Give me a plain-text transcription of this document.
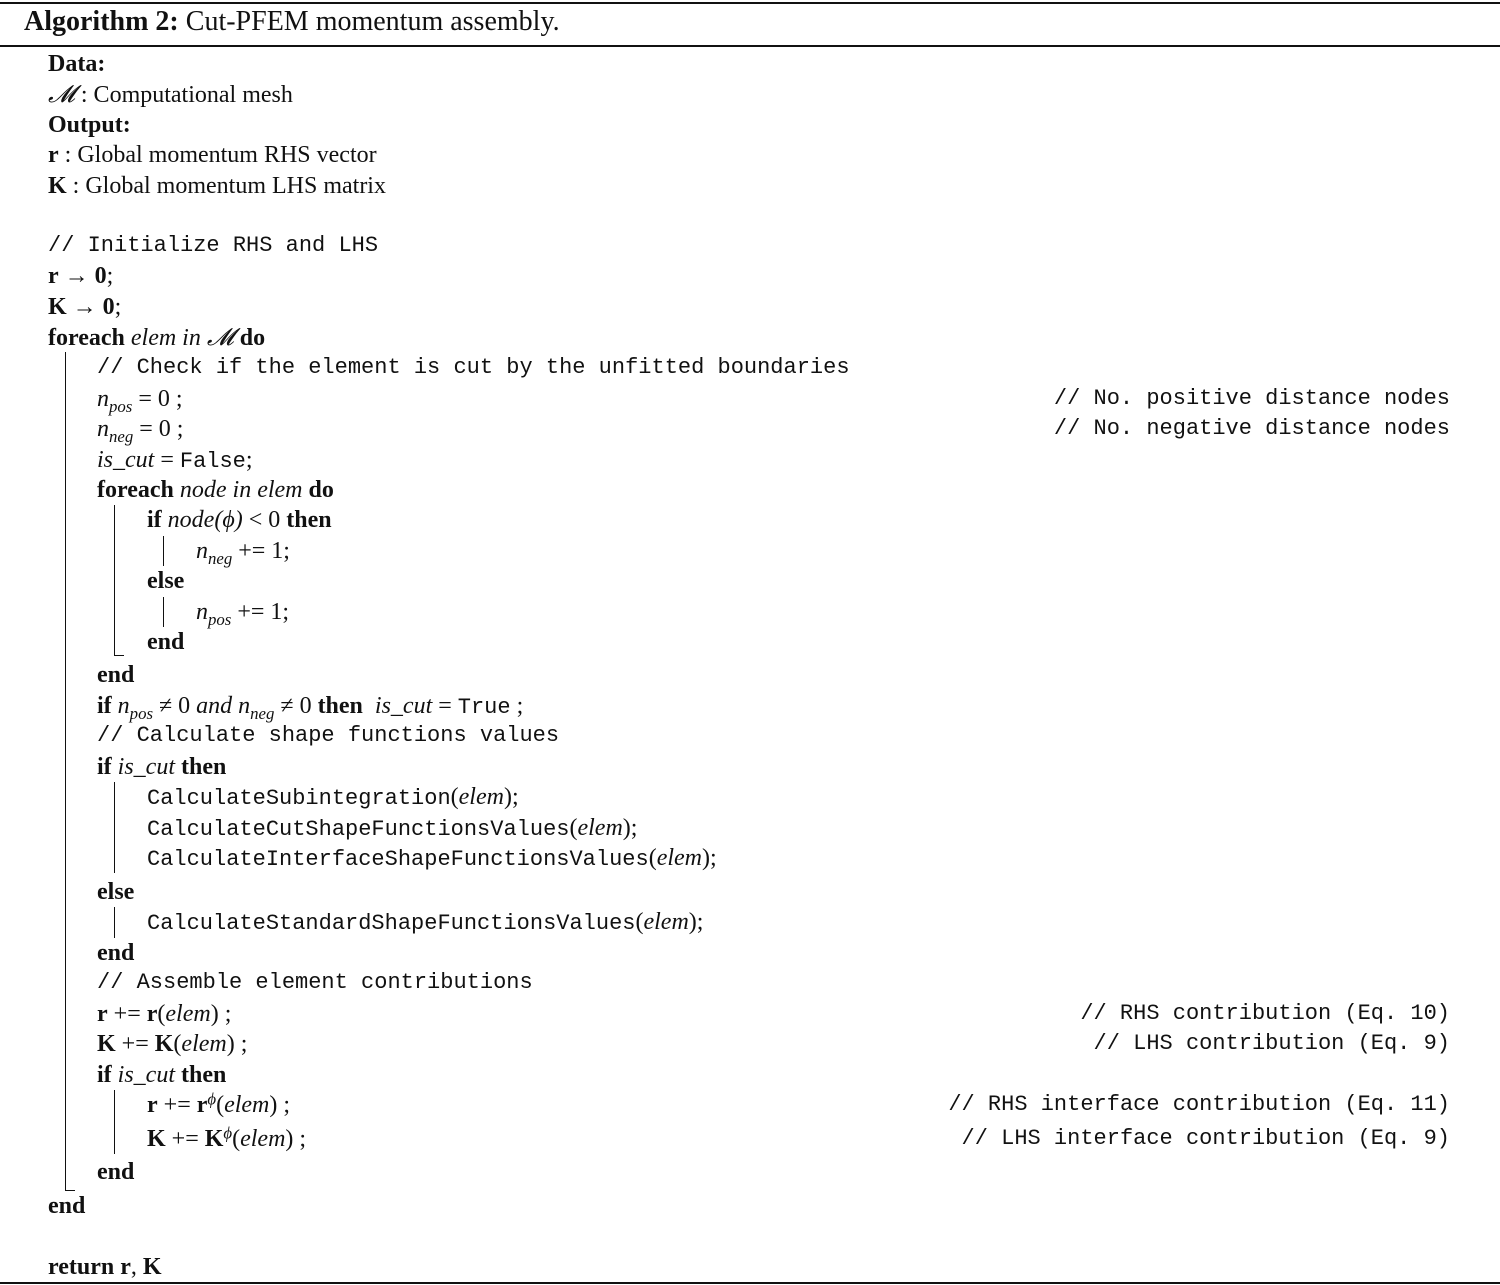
Algorithm 2: Cut-PFEM momentum assembly.
Data:
𝓜 : Computational mesh
Output:
r : Global momentum RHS vector
K : Global momentum LHS matrix
// Initialize RHS and LHS
r → 0;
K → 0;
foreach elem in 𝓜 do
// Check if the element is cut by the unfitted boundaries
$n_{pos} = 0$ ;	// No. positive distance nodes
$n_{neg} = 0$ ;	// No. negative distance nodes
is_cut = False;
foreach node in elem do
if node(ϕ) < 0 then
$n_{neg} += 1$;
else
$n_{pos} += 1$;
end
end
if $n_{pos} \ne 0$ and $n_{neg} \ne 0$ then is_cut = True ;
// Calculate shape functions values
if is_cut then
CalculateSubintegration(elem);
CalculateCutShapeFunctionsValues(elem);
CalculateInterfaceShapeFunctionsValues(elem);
else
CalculateStandardShapeFunctionsValues(elem);
end
// Assemble element contributions
r += r(elem) ;	// RHS contribution (Eq. 10)
K += K(elem) ;	// LHS contribution (Eq. 9)
if is_cut then
$r += r^\phi(elem)$ ;	// RHS interface contribution (Eq. 11)
$K += K^\phi(elem)$ ;	// LHS interface contribution (Eq. 9)
end
end
return r, K
